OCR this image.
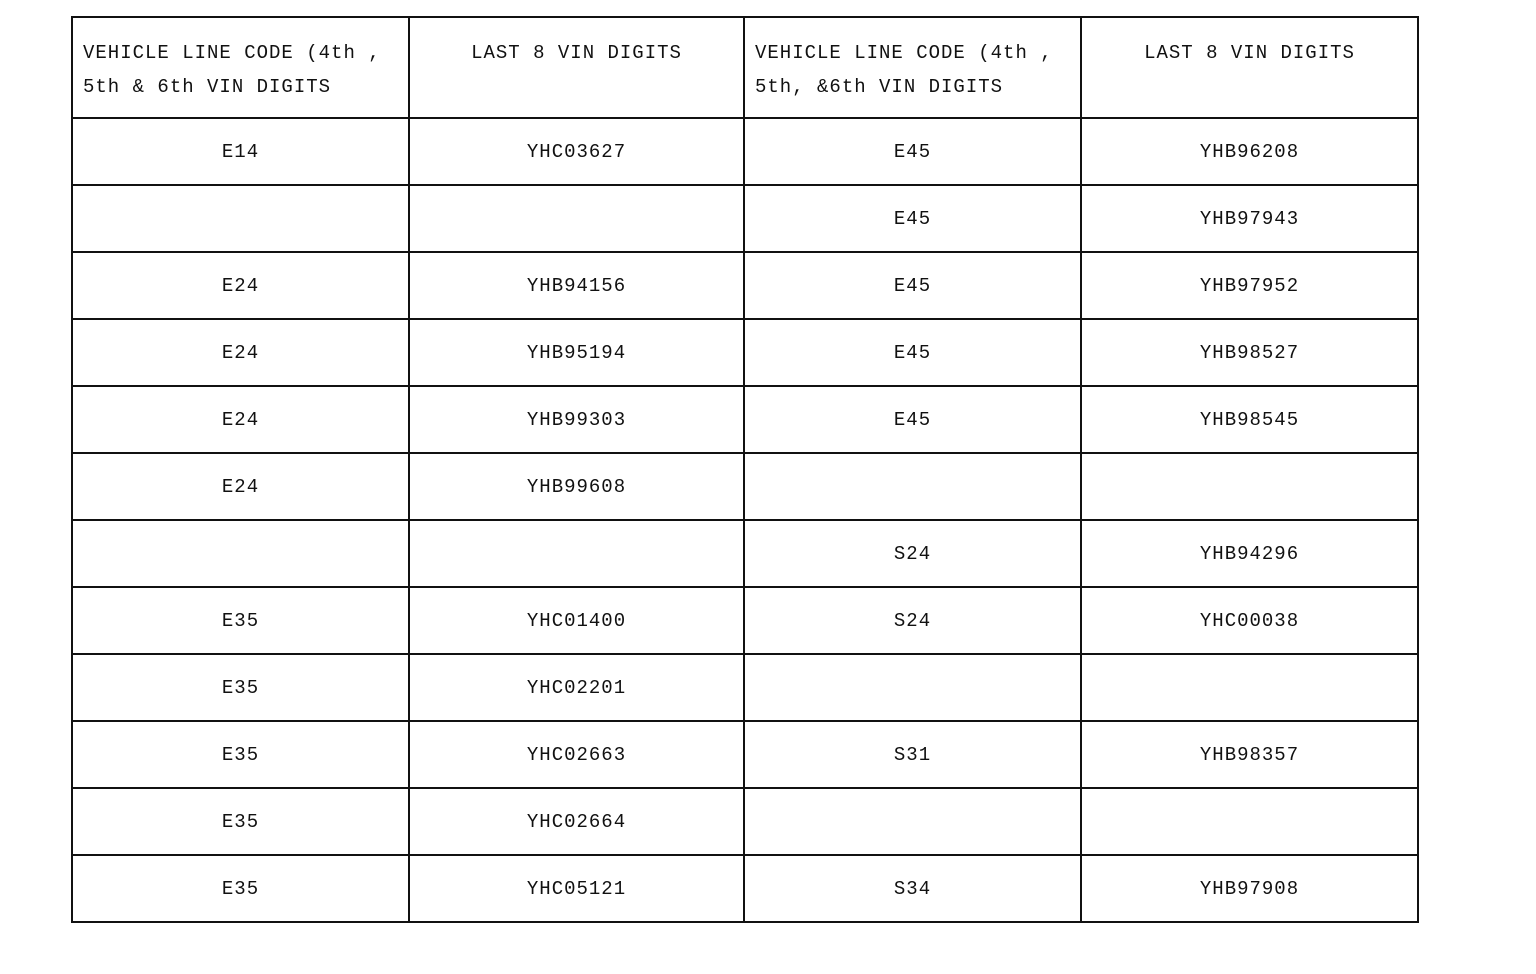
VEHICLE LINE CODE (4th , 5th & 6th VIN DIGITS	LAST 8 VIN DIGITS	VEHICLE LINE CODE (4th , 5th, &6th VIN DIGITS	LAST 8 VIN DIGITS

E14	YHC03627	E45	YHB96208
		E45	YHB97943
E24	YHB94156	E45	YHB97952
E24	YHB95194	E45	YHB98527
E24	YHB99303	E45	YHB98545
E24	YHB99608		
		S24	YHB94296
E35	YHC01400	S24	YHC00038
E35	YHC02201		
E35	YHC02663	S31	YHB98357
E35	YHC02664		
E35	YHC05121	S34	YHB97908
